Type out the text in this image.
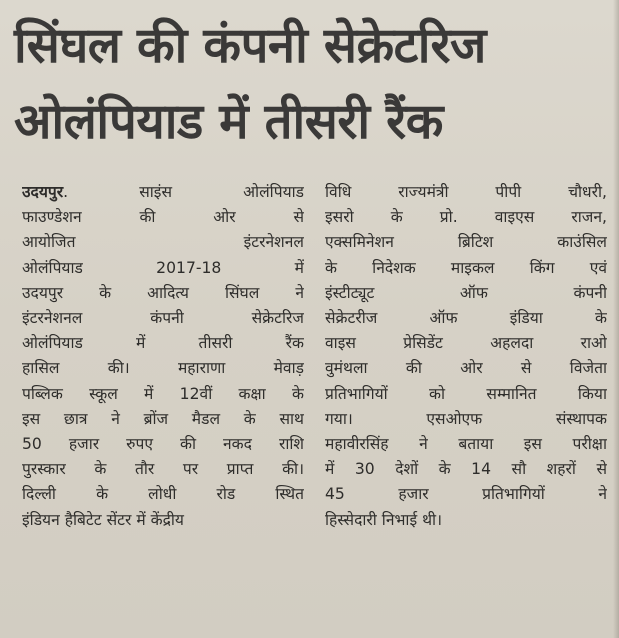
सिंघल की कंपनी सेक्रेटरिज
ओलंपियाड में तीसरी रैंक
उदयपुर. साइंस ओलंपियाड
फाउण्डेशन की ओर से
आयोजित इंटरनेशनल
ओलंपियाड 2017-18 में
उदयपुर के आदित्य सिंघल ने
इंटरनेशनल कंपनी सेक्रेटरिज
ओलंपियाड में तीसरी रैंक
हासिल की। महाराणा मेवाड़
पब्लिक स्कूल में 12वीं कक्षा के
इस छात्र ने ब्रोंज मैडल के साथ
50 हजार रुपए की नकद राशि
पुरस्कार के तौर पर प्राप्त की।
दिल्ली के लोधी रोड स्थित
इंडियन हैबिटेट सेंटर में केंद्रीय
विधि राज्यमंत्री पीपी चौधरी,
इसरो के प्रो. वाइएस राजन,
एक्समिनेशन ब्रिटिश काउंसिल
के निदेशक माइकल किंग एवं
इंस्टीट्यूट ऑफ कंपनी
सेक्रेटरीज ऑफ इंडिया के
वाइस प्रेसिडेंट अहलदा राओ
वुमंथला की ओर से विजेता
प्रतिभागियों को सम्मानित किया
गया। एसओएफ संस्थापक
महावीरसिंह ने बताया इस परीक्षा
में 30 देशों के 14 सौ शहरों से
45 हजार प्रतिभागियों ने
हिस्सेदारी निभाई थी।
